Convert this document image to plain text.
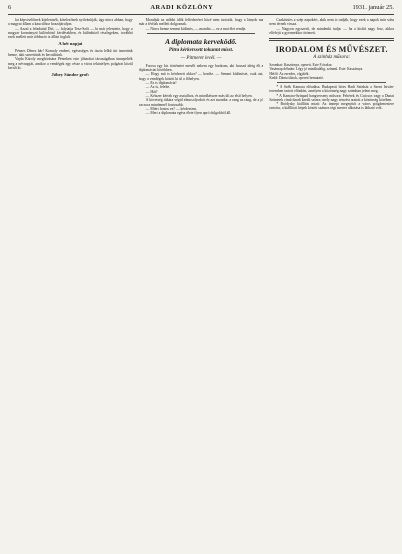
6	ARADI KÖZLÖNY	1931. január 25.

lat képviselőinek kijelentsék, kötelezőnek nyilvánítják, úgy nincs abban, hogy a magyar állam a kaucióhoz hozzájáruljon.

— Azzal a feladattal Dió, — folytatja Tesz-Szőt — ki már jelentette, hogy a magyar kormányzó különböző kérdésekben, és különböző részlegeken, továbbá ezek mellett már többször is állást foglalt.

A hét napjai

Pénzes Dénes bár! Komoly embert, egészséges és tiszta lelkű úrt ismerünk benne, akit szerettünk és becsültünk.

Vajda Károly meghívására Pénteken este jóbarátai társaságában ünnepelték meg a névnapját, amikor a vendégek egy része a város tekintélyes polgárai közül került ki.

Jóbey Sándor grof:

Mondjuk az utóbbi idők felfedezései közé nem tartozik, hogy a lányok ma már a férfiak mellett dolgoznak.

— Nincs benne semmi különös, — mondta — ez a mai élet rendje.

A diplomata kerveködő.
Pitra kérkerssett tokunnt mísst.
— Pittneret levél. —

Furcsa egy kis történetet mesélt nekem egy barátom, aki hosszú ideig élt a diplomáciai körökben.

— Hogy mit is kérdezett akkor? — kezdte. — Semmi különöset, csak azt, hogy a vendégek között ki ül a főhelyen.

— Ez is diplomácia!

— Az is, felelte.

— Hát?

— Kétszer kértek egy asztalhoz, és mindkétszer más ült az első helyen.

A követség titkára végül elmosolyodott és azt mondta: a rang az rang, de a jó vacsora mindennél fontosabb.

— Miért fontos ez? — kérdeztem.

— Mert a diplomata egész élete ilyen apró dolgokból áll.

Czaktüsíes a szép napokért, akik nem is tudják, hogy ezek a napok már soha nem térnek vissza.

— Nagyon egyszerű, de mindenki tudja: — ha a kisfiú nagy lesz, akkor elfelejti a gyermekkor örömeit.

IRODALOM ÉS MŰVÉSZET.
A szinház műsora:

Szombat: Kaszárnya, operett. Este 8 órakor.

Vasárnap délután: Légy jó mindhalálig, színmű. Este: Kaszárnya.

Hétfő: Az ezredes, vígjáték.

Kedd: Dánia tiktok, operett bemutató.

* A Szék Kamara előadása. Budapesti híres Hadi Színház a Szent István-teremben tartott előadást, amelyen a közönség nagy számban jelent meg.

* A Kamara-Színpad hangverseny műsora: Fehérek és Csúcsos vagy a Dunai Szünetek című darab került színre, mely nagy tetszést aratott a közönség körében.

* Bródysky kiállítás miatt: Az ünnepi megnyitót a város polgármestere tartotta, a kiállított képek között számos régi mester alkotása is látható volt.
